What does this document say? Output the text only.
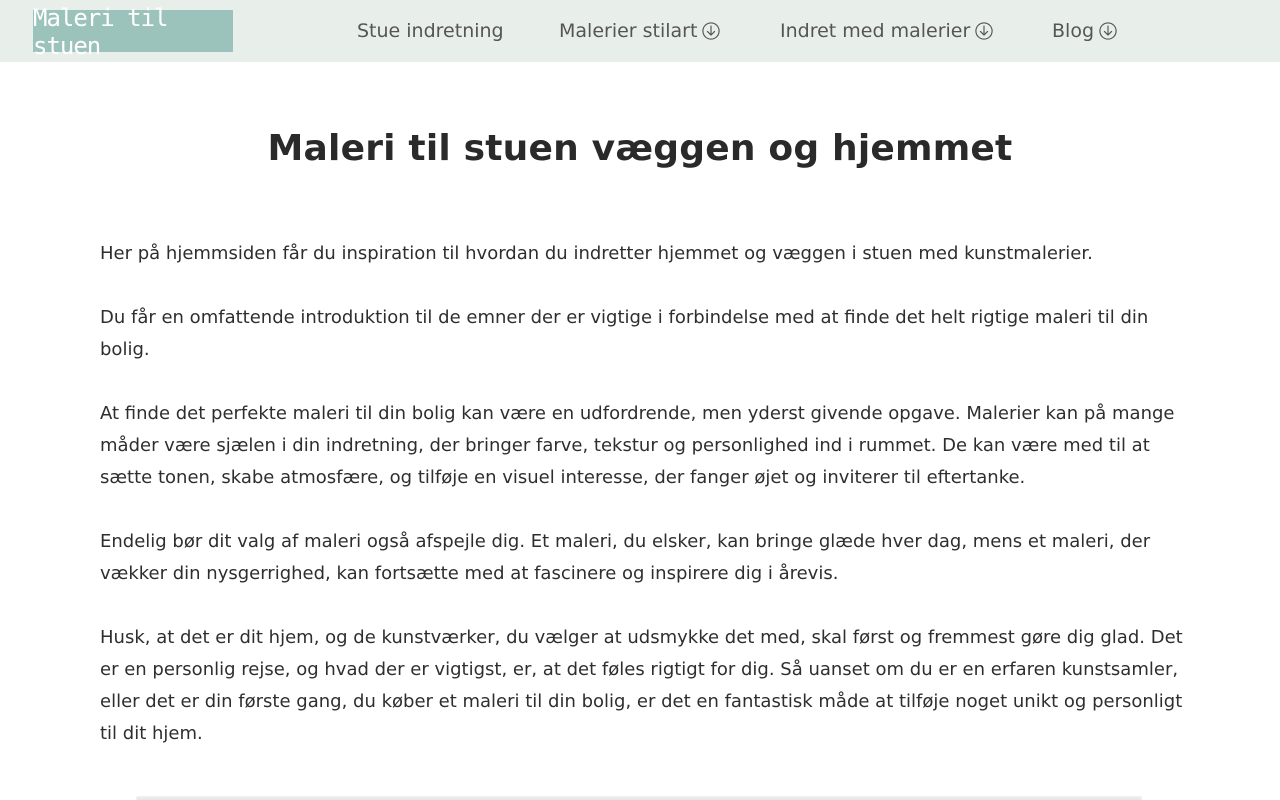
Maleri til stuen
Stue indretning	Malerier stilart	Indret med malerier	Blog
Maleri til stuen væggen og hjemmet

Her på hjemmsiden får du inspiration til hvordan du indretter hjemmet og væggen i stuen med kunstmalerier.

Du får en omfattende introduktion til de emner der er vigtige i forbindelse med at finde det helt rigtige maleri til din bolig.

At finde det perfekte maleri til din bolig kan være en udfordrende, men yderst givende opgave. Malerier kan på mange måder være sjælen i din indretning, der bringer farve, tekstur og personlighed ind i rummet. De kan være med til at sætte tonen, skabe atmosfære, og tilføje en visuel interesse, der fanger øjet og inviterer til eftertanke.

Endelig bør dit valg af maleri også afspejle dig. Et maleri, du elsker, kan bringe glæde hver dag, mens et maleri, der vækker din nysgerrighed, kan fortsætte med at fascinere og inspirere dig i årevis.

Husk, at det er dit hjem, og de kunstværker, du vælger at udsmykke det med, skal først og fremmest gøre dig glad. Det er en personlig rejse, og hvad der er vigtigst, er, at det føles rigtigt for dig. Så uanset om du er en erfaren kunstsamler, eller det er din første gang, du køber et maleri til din bolig, er det en fantastisk måde at tilføje noget unikt og personligt til dit hjem.
